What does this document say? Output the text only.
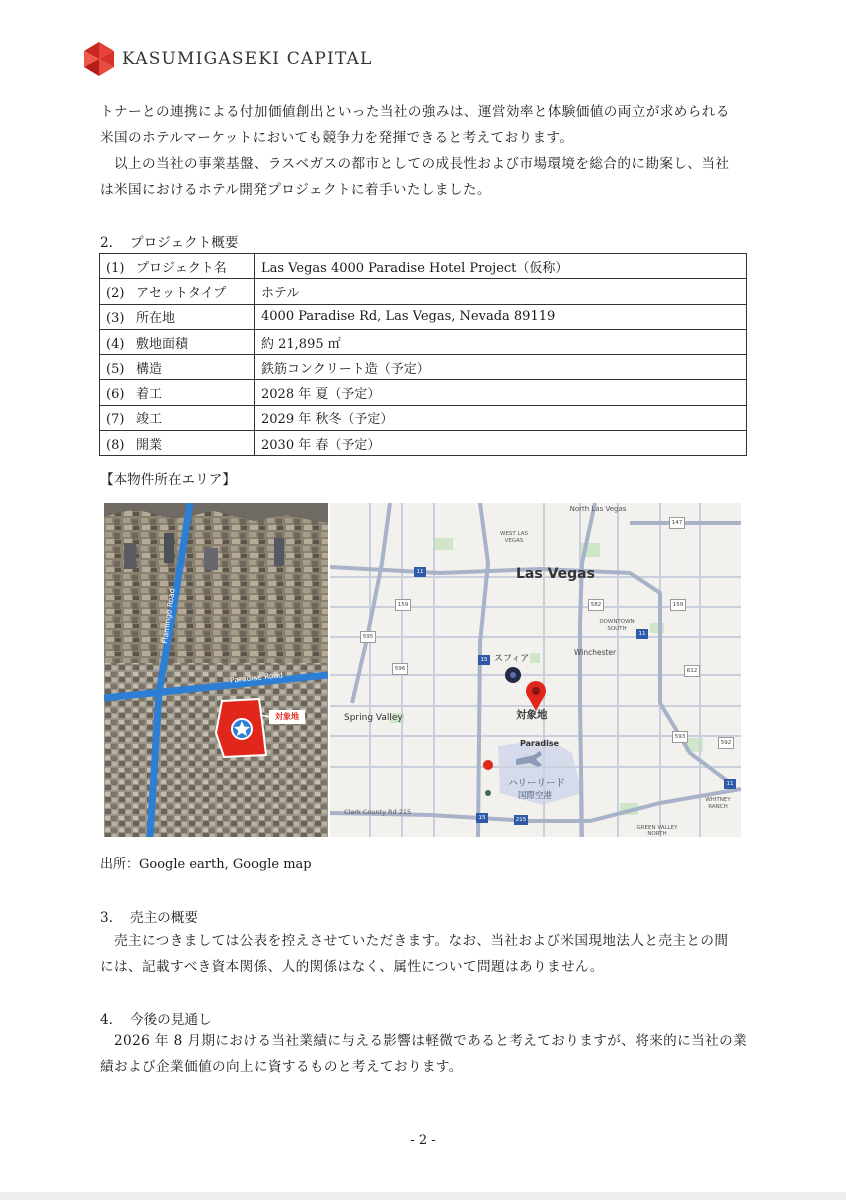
KASUMIGASEKI CAPITAL

トナーとの連携による付加価値創出といった当社の強みは、運営効率と体験価値の両立が求められる

米国のホテルマーケットにおいても競争力を発揮できると考えております。

以上の当社の事業基盤、ラスベガスの都市としての成長性および市場環境を総合的に勘案し、当社

は米国におけるホテル開発プロジェクトに着手いたしました。

2. プロジェクト概要
(1) プロジェクト名	Las Vegas 4000 Paradise Hotel Project（仮称）
(2) アセットタイプ	ホテル
(3) 所在地	4000 Paradise Rd, Las Vegas, Nevada 89119
(4) 敷地面積	約 21,895 ㎡
(5) 構造	鉄筋コンクリート造（予定）
(6) 着工	2028 年 夏（予定）
(7) 竣工	2029 年 秋冬（予定）
(8) 開業	2030 年 春（予定）
【本物件所在エリア】
Flamingo Road
Paradise Road
対象地
North Las Vegas
WEST LAS VEGAS
Las Vegas
DOWNTOWN SOUTH
Winchester
スフィア
対象地
Spring Valley
Paradise
ハリーリード
国際空港	WHITNEY RANCH
GREEN VALLEY NORTH
Clark County Rd 215
147
11
159	582	159
595	11
596
15
612
593
592
15	215
11
出所：Google earth, Google map
3. 売主の概要

売主につきましては公表を控えさせていただきます。なお、当社および米国現地法人と売主との間

には、記載すべき資本関係、人的関係はなく、属性について問題はありません。

4. 今後の見通し

2026 年 8 月期における当社業績に与える影響は軽微であると考えておりますが、将来的に当社の業

績および企業価値の向上に資するものと考えております。

- 2 -
